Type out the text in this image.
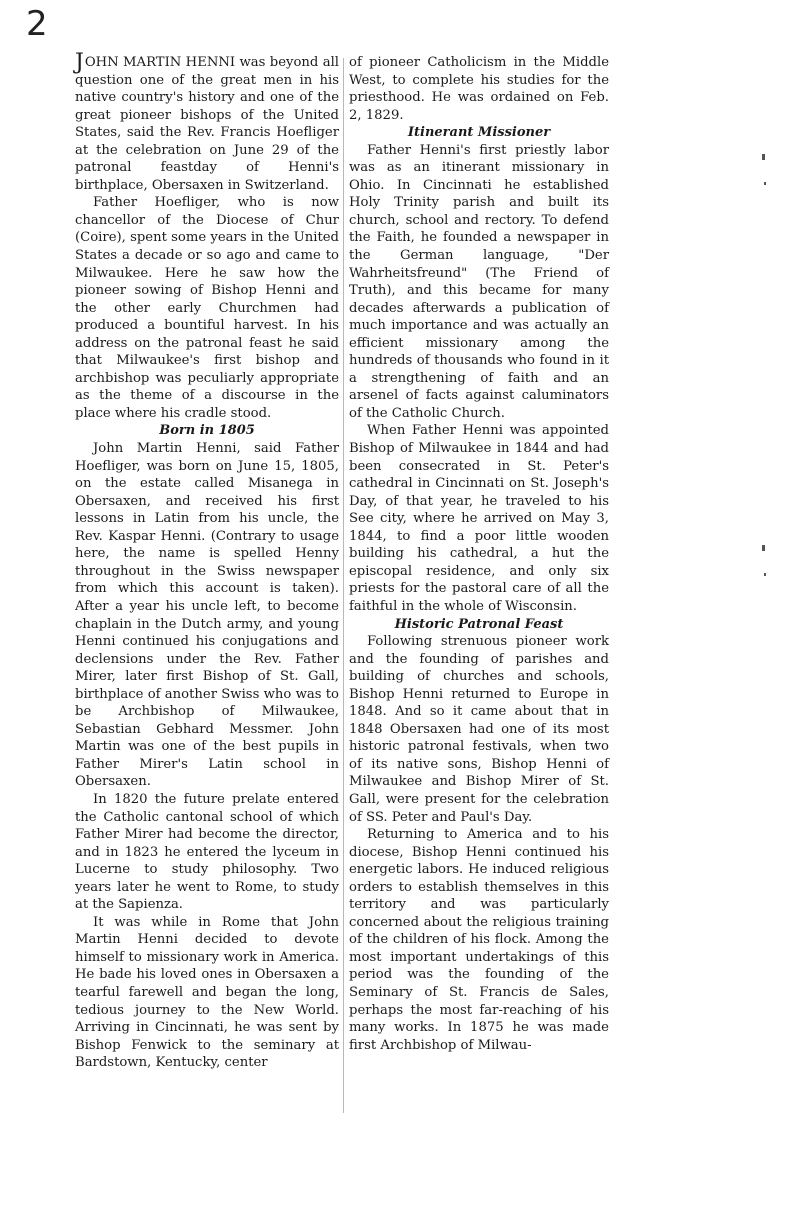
2

JOHN MARTIN HENNI was beyond all question one of the great men in his native country's history and one of the great pioneer bishops of the United States, said the Rev. Francis Hoefliger at the celebration on June 29 of the patronal feastday of Henni's birthplace, Obersaxen in Switzerland.

Father Hoefliger, who is now chancellor of the Diocese of Chur (Coire), spent some years in the United States a decade or so ago and came to Milwaukee. Here he saw how the pioneer sowing of Bishop Henni and the other early Churchmen had produced a bountiful harvest. In his address on the patronal feast he said that Milwaukee's first bishop and archbishop was peculiarly appropriate as the theme of a discourse in the place where his cradle stood.

Born in 1805

John Martin Henni, said Father Hoefliger, was born on June 15, 1805, on the estate called Misanega in Obersaxen, and received his first lessons in Latin from his uncle, the Rev. Kaspar Henni. (Contrary to usage here, the name is spelled Henny throughout in the Swiss newspaper from which this account is taken). After a year his uncle left, to become chaplain in the Dutch army, and young Henni continued his conjugations and declensions under the Rev. Father Mirer, later first Bishop of St. Gall, birthplace of another Swiss who was to be Archbishop of Milwaukee, Sebastian Gebhard Messmer. John Martin was one of the best pupils in Father Mirer's Latin school in Obersaxen.

In 1820 the future prelate entered the Catholic cantonal school of which Father Mirer had become the director, and in 1823 he entered the lyceum in Lucerne to study philosophy. Two years later he went to Rome, to study at the Sapienza.

It was while in Rome that John Martin Henni decided to devote himself to missionary work in America. He bade his loved ones in Obersaxen a tearful farewell and began the long, tedious journey to the New World. Arriving in Cincinnati, he was sent by Bishop Fenwick to the seminary at Bardstown, Kentucky, center

of pioneer Catholicism in the Middle West, to complete his studies for the priesthood. He was ordained on Feb. 2, 1829.

Itinerant Missioner

Father Henni's first priestly labor was as an itinerant missionary in Ohio. In Cincinnati he established Holy Trinity parish and built its church, school and rectory. To defend the Faith, he founded a newspaper in the German language, "Der Wahrheitsfreund" (The Friend of Truth), and this became for many decades afterwards a publication of much importance and was actually an efficient missionary among the hundreds of thousands who found in it a strengthening of faith and an arsenel of facts against caluminators of the Catholic Church.

When Father Henni was appointed Bishop of Milwaukee in 1844 and had been consecrated in St. Peter's cathedral in Cincinnati on St. Joseph's Day, of that year, he traveled to his See city, where he arrived on May 3, 1844, to find a poor little wooden building his cathedral, a hut the episcopal residence, and only six priests for the pastoral care of all the faithful in the whole of Wisconsin.

Historic Patronal Feast

Following strenuous pioneer work and the founding of parishes and building of churches and schools, Bishop Henni returned to Europe in 1848. And so it came about that in 1848 Obersaxen had one of its most historic patronal festivals, when two of its native sons, Bishop Henni of Milwaukee and Bishop Mirer of St. Gall, were present for the celebration of SS. Peter and Paul's Day.

Returning to America and to his diocese, Bishop Henni continued his energetic labors. He induced religious orders to establish themselves in this territory and was particularly concerned about the religious training of the children of his flock. Among the most important undertakings of this period was the founding of the Seminary of St. Francis de Sales, perhaps the most far-reaching of his many works. In 1875 he was made first Archbishop of Milwau-
